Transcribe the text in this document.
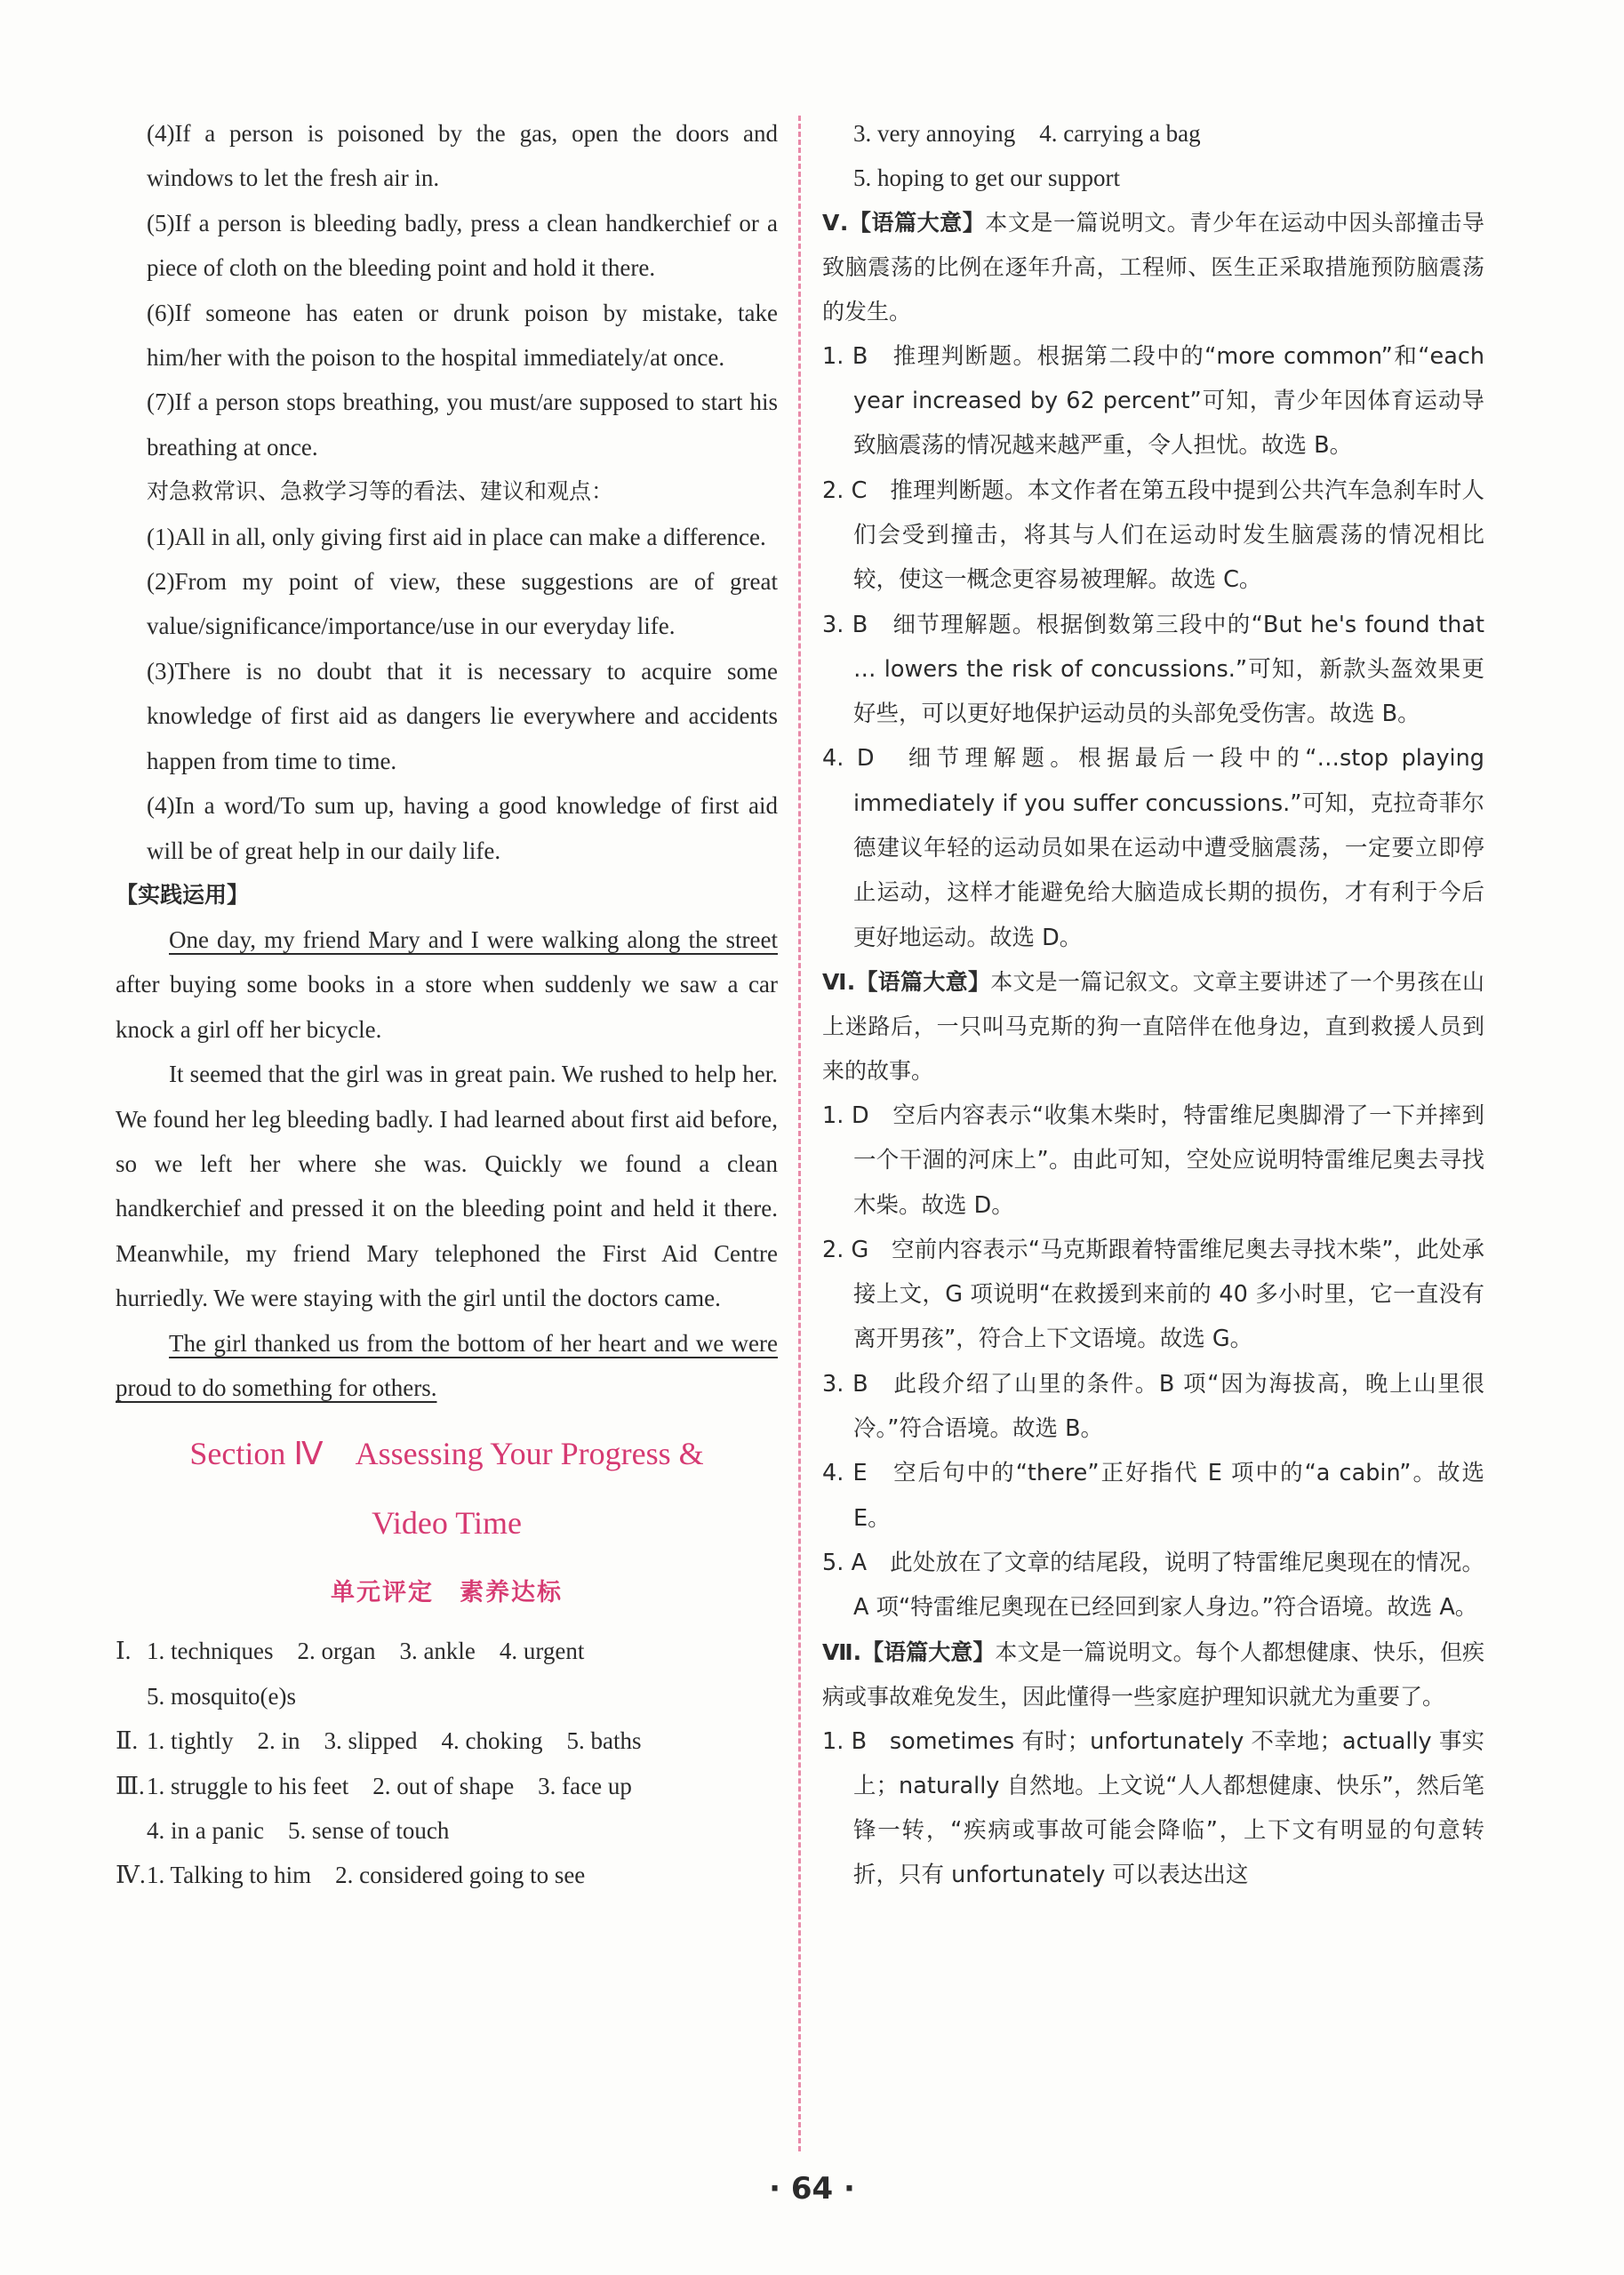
(4)If a person is poisoned by the gas, open the doors and windows to let the fresh air in.

(5)If a person is bleeding badly, press a clean handkerchief or a piece of cloth on the bleeding point and hold it there.

(6)If someone has eaten or drunk poison by mistake, take him/her with the poison to the hospital immediately/at once.

(7)If a person stops breathing, you must/are supposed to start his breathing at once.

对急救常识、急救学习等的看法、建议和观点：

(1)All in all, only giving first aid in place can make a difference.

(2)From my point of view, these suggestions are of great value/significance/importance/use in our everyday life.

(3)There is no doubt that it is necessary to acquire some knowledge of first aid as dangers lie everywhere and accidents happen from time to time.

(4)In a word/To sum up, having a good knowledge of first aid will be of great help in our daily life.

【实践运用】

One day, my friend Mary and I were walking along the street after buying some books in a store when suddenly we saw a car knock a girl off her bicycle.

It seemed that the girl was in great pain. We rushed to help her. We found her leg bleeding badly. I had learned about first aid before, so we left her where she was. Quickly we found a clean handkerchief and pressed it on the bleeding point and held it there. Meanwhile, my friend Mary telephoned the First Aid Centre hurriedly. We were staying with the girl until the doctors came.

The girl thanked us from the bottom of her heart and we were proud to do something for others.

Section Ⅳ　Assessing Your Progress &

Video Time

单元评定　素养达标

Ⅰ. 1. techniques　2. organ　3. ankle　4. urgent
5. mosquito(e)s
Ⅱ. 1. tightly　2. in　3. slipped　4. choking　5. baths
Ⅲ.1. struggle to his feet　2. out of shape　3. face up
4. in a panic　5. sense of touch
Ⅳ.1. Talking to him　2. considered going to see

3. very annoying　4. carrying a bag

5. hoping to get our support

Ⅴ.【语篇大意】本文是一篇说明文。青少年在运动中因头部撞击导致脑震荡的比例在逐年升高，工程师、医生正采取措施预防脑震荡的发生。

1. B　推理判断题。根据第二段中的“more common”和“each year increased by 62 percent”可知，青少年因体育运动导致脑震荡的情况越来越严重，令人担忧。故选 B。

2. C　推理判断题。本文作者在第五段中提到公共汽车急刹车时人们会受到撞击，将其与人们在运动时发生脑震荡的情况相比较，使这一概念更容易被理解。故选 C。

3. B　细节理解题。根据倒数第三段中的“But he's found that … lowers the risk of concussions.”可知，新款头盔效果更好些，可以更好地保护运动员的头部免受伤害。故选 B。

4. D　细节理解题。根据最后一段中的“…stop playing immediately if you suffer concussions.”可知，克拉奇菲尔德建议年轻的运动员如果在运动中遭受脑震荡，一定要立即停止运动，这样才能避免给大脑造成长期的损伤，才有利于今后更好地运动。故选 D。

Ⅵ.【语篇大意】本文是一篇记叙文。文章主要讲述了一个男孩在山上迷路后，一只叫马克斯的狗一直陪伴在他身边，直到救援人员到来的故事。

1. D　空后内容表示“收集木柴时，特雷维尼奥脚滑了一下并摔到一个干涸的河床上”。由此可知，空处应说明特雷维尼奥去寻找木柴。故选 D。

2. G　空前内容表示“马克斯跟着特雷维尼奥去寻找木柴”，此处承接上文，G 项说明“在救援到来前的 40 多小时里，它一直没有离开男孩”，符合上下文语境。故选 G。

3. B　此段介绍了山里的条件。B 项“因为海拔高，晚上山里很冷。”符合语境。故选 B。

4. E　空后句中的“there”正好指代 E 项中的“a cabin”。故选 E。

5. A　此处放在了文章的结尾段，说明了特雷维尼奥现在的情况。A 项“特雷维尼奥现在已经回到家人身边。”符合语境。故选 A。

Ⅶ.【语篇大意】本文是一篇说明文。每个人都想健康、快乐，但疾病或事故难免发生，因此懂得一些家庭护理知识就尤为重要了。

1. B　sometimes 有时；unfortunately 不幸地；actually 事实上；naturally 自然地。上文说“人人都想健康、快乐”，然后笔锋一转，“疾病或事故可能会降临”，上下文有明显的句意转折，只有 unfortunately 可以表达出这

· 64 ·
